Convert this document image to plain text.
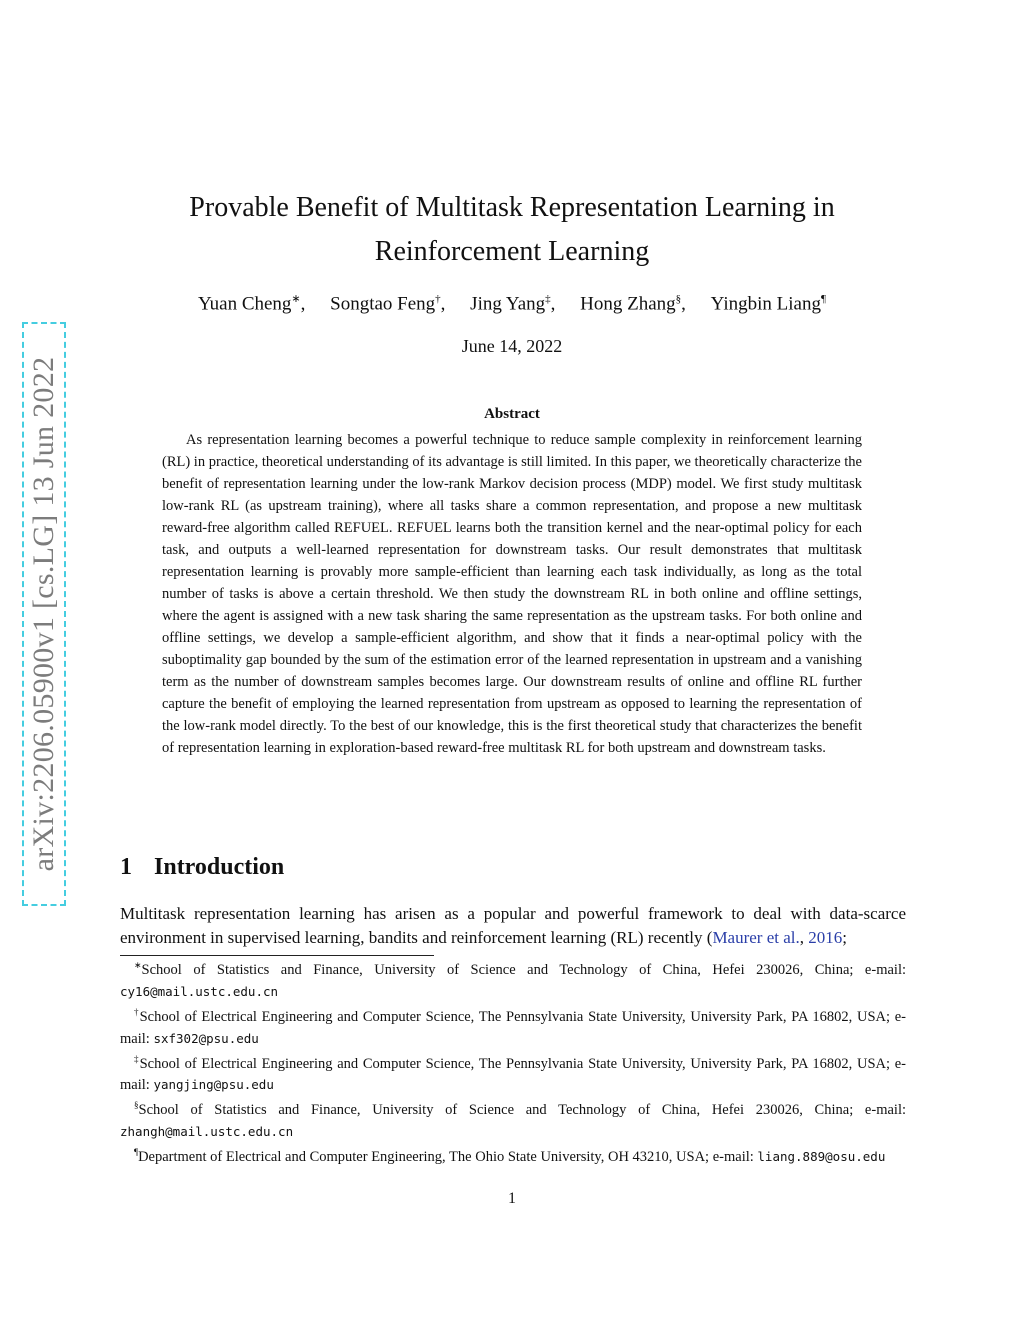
arXiv:2206.05900v1 [cs.LG] 13 Jun 2022
Provable Benefit of Multitask Representation Learning in
Reinforcement Learning
Yuan Cheng∗, Songtao Feng†, Jing Yang‡, Hong Zhang§, Yingbin Liang¶
June 14, 2022
Abstract

As representation learning becomes a powerful technique to reduce sample complexity in reinforcement learning (RL) in practice, theoretical understanding of its advantage is still limited. In this paper, we theoretically characterize the benefit of representation learning under the low-rank Markov decision process (MDP) model. We first study multitask low-rank RL (as upstream training), where all tasks share a common representation, and propose a new multitask reward-free algorithm called REFUEL. REFUEL learns both the transition kernel and the near-optimal policy for each task, and outputs a well-learned representation for downstream tasks. Our result demonstrates that multitask representation learning is provably more sample-efficient than learning each task individually, as long as the total number of tasks is above a certain threshold. We then study the downstream RL in both online and offline settings, where the agent is assigned with a new task sharing the same representation as the upstream tasks. For both online and offline settings, we develop a sample-efficient algorithm, and show that it finds a near-optimal policy with the suboptimality gap bounded by the sum of the estimation error of the learned representation in upstream and a vanishing term as the number of downstream samples becomes large. Our downstream results of online and offline RL further capture the benefit of employing the learned representation from upstream as opposed to learning the representation of the low-rank model directly. To the best of our knowledge, this is the first theoretical study that characterizes the benefit of representation learning in exploration-based reward-free multitask RL for both upstream and downstream tasks.

1 Introduction

Multitask representation learning has arisen as a popular and powerful framework to deal with data-scarce environment in supervised learning, bandits and reinforcement learning (RL) recently (Maurer et al., 2016;

∗School of Statistics and Finance, University of Science and Technology of China, Hefei 230026, China; e-mail: cy16@mail.ustc.edu.cn

†School of Electrical Engineering and Computer Science, The Pennsylvania State University, University Park, PA 16802, USA; e-mail: sxf302@psu.edu

‡School of Electrical Engineering and Computer Science, The Pennsylvania State University, University Park, PA 16802, USA; e-mail: yangjing@psu.edu

§School of Statistics and Finance, University of Science and Technology of China, Hefei 230026, China; e-mail: zhangh@mail.ustc.edu.cn

¶Department of Electrical and Computer Engineering, The Ohio State University, OH 43210, USA; e-mail: liang.889@osu.edu

1
